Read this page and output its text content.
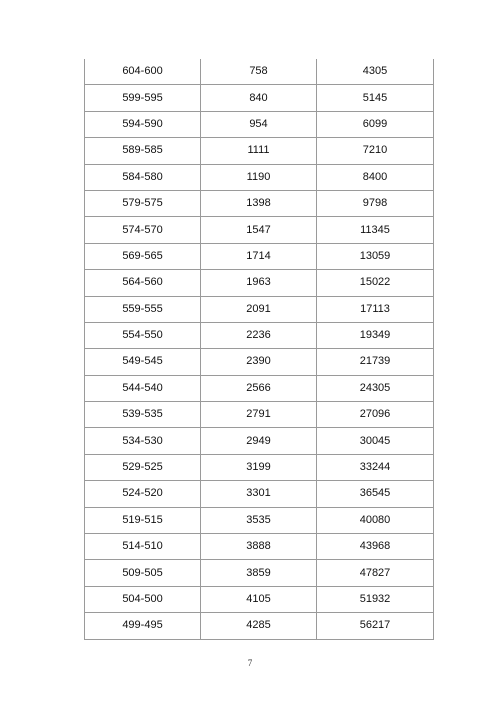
604-600	758	4305
599-595	840	5145
594-590	954	6099
589-585	1111	7210
584-580	1190	8400
579-575	1398	9798
574-570	1547	11345
569-565	1714	13059
564-560	1963	15022
559-555	2091	17113
554-550	2236	19349
549-545	2390	21739
544-540	2566	24305
539-535	2791	27096
534-530	2949	30045
529-525	3199	33244
524-520	3301	36545
519-515	3535	40080
514-510	3888	43968
509-505	3859	47827
504-500	4105	51932
499-495	4285	56217
7
